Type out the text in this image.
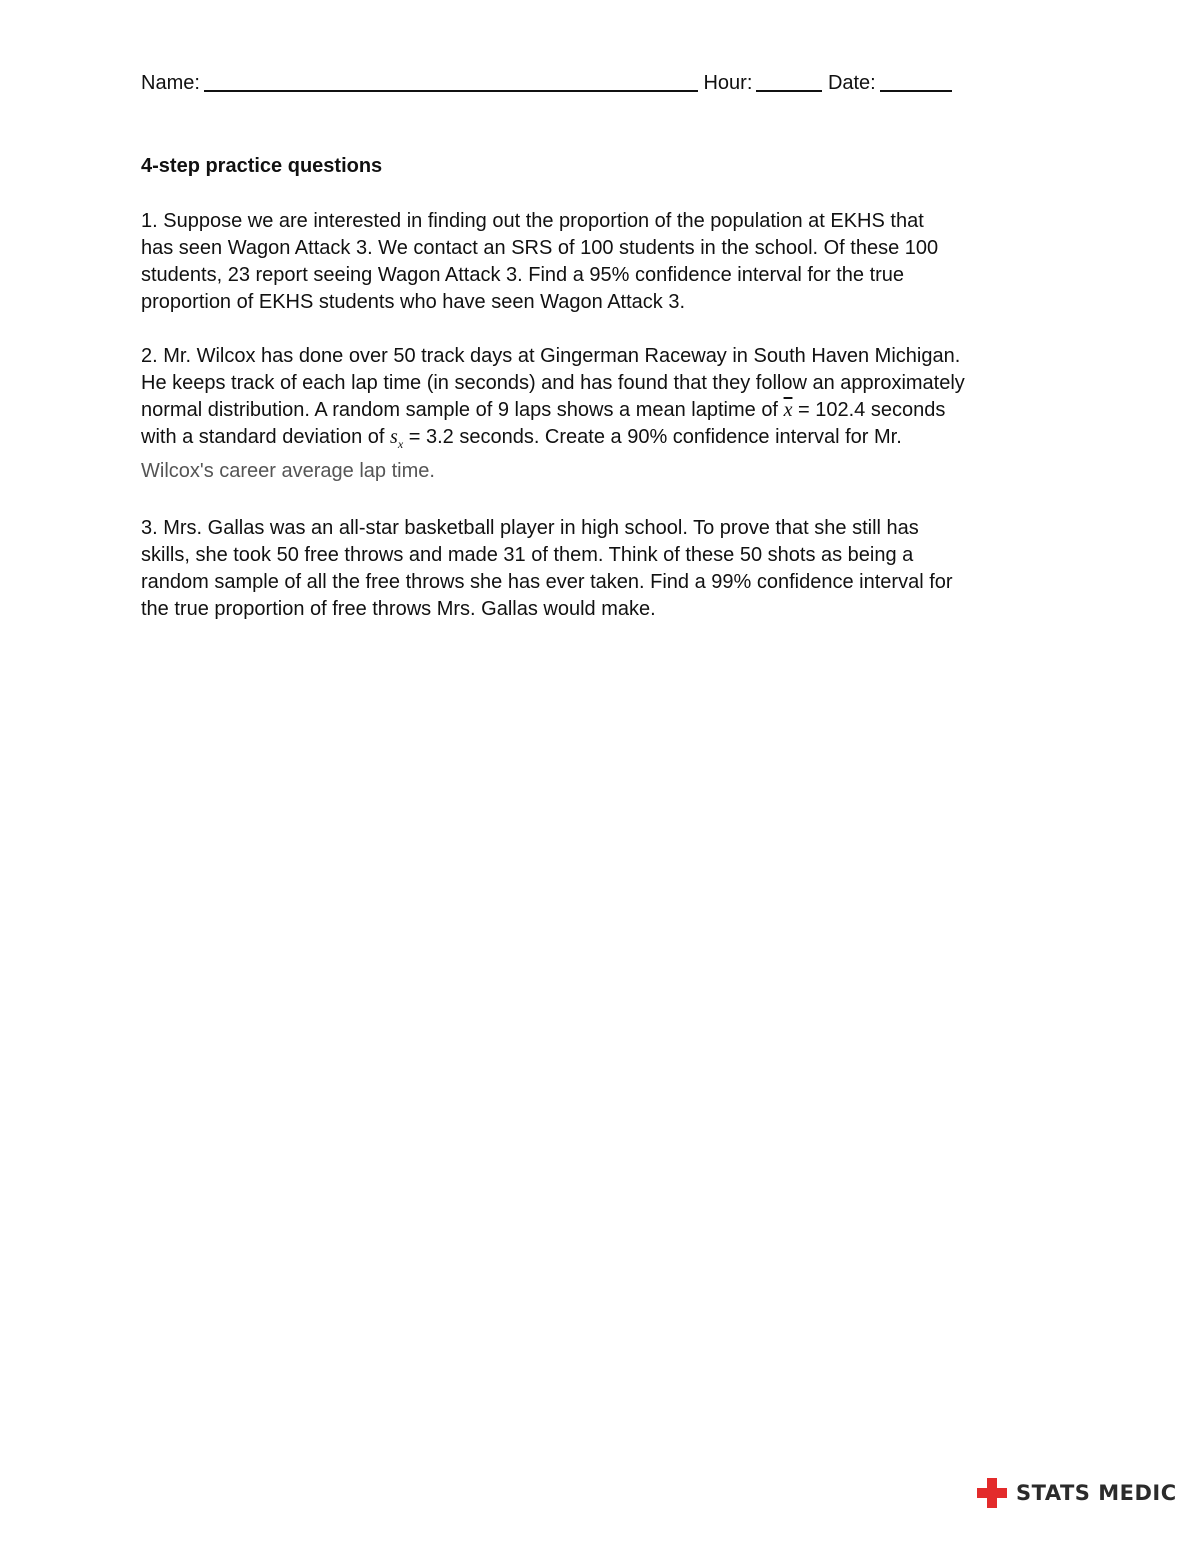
Name:	Hour:	Date:
4-step practice questions
1. Suppose we are interested in finding out the proportion of the population at EKHS that
has seen Wagon Attack 3. We contact an SRS of 100 students in the school. Of these 100
students, 23 report seeing Wagon Attack 3. Find a 95% confidence interval for the true
proportion of EKHS students who have seen Wagon Attack 3.
2. Mr. Wilcox has done over 50 track days at Gingerman Raceway in South Haven Michigan.
He keeps track of each lap time (in seconds) and has found that they follow an approximately
normal distribution. A random sample of 9 laps shows a mean laptime of $\overline{x} = 102.4$ seconds
with a standard deviation of $s_x = 3.2$ seconds. Create a 90% confidence interval for Mr.
Wilcox's career average lap time.
3. Mrs. Gallas was an all-star basketball player in high school. To prove that she still has
skills, she took 50 free throws and made 31 of them. Think of these 50 shots as being a
random sample of all the free throws she has ever taken. Find a 99% confidence interval for
the true proportion of free throws Mrs. Gallas would make.
STATS MEDIC
